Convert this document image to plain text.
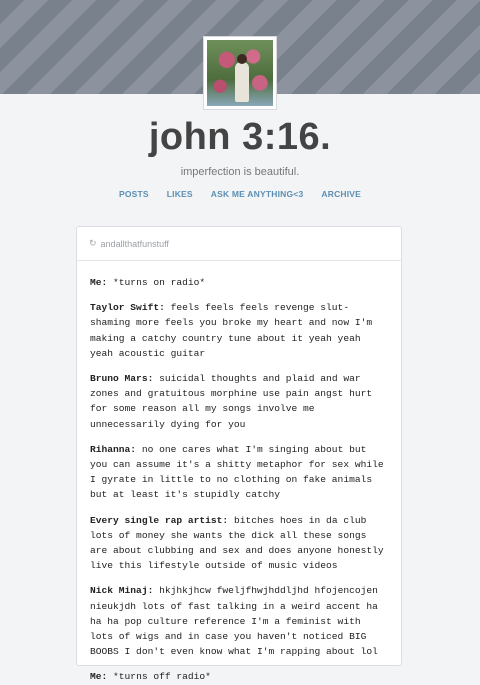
john 3:16.
imperfection is beautiful.
POSTS LIKES ASK ME ANYTHING<3 ARCHIVE
↻ andallthatfunstuff

Me: *turns on radio*

Taylor Swift: feels feels feels revenge slut-shaming more feels you broke my heart and now I'm making a catchy country tune about it yeah yeah yeah acoustic guitar

Bruno Mars: suicidal thoughts and plaid and war zones and gratuitous morphine use pain angst hurt for some reason all my songs involve me unnecessarily dying for you

Rihanna: no one cares what I'm singing about but you can assume it's a shitty metaphor for sex while I gyrate in little to no clothing on fake animals but at least it's stupidly catchy

Every single rap artist: bitches hoes in da club lots of money she wants the dick all these songs are about clubbing and sex and does anyone honestly live this lifestyle outside of music videos

Nick Minaj: hkjhkjhcw fweljfhwjhddljhd hfojencojen nieukjdh lots of fast talking in a weird accent ha ha ha pop culture reference I'm a feminist with lots of wigs and in case you haven't noticed BIG BOOBS I don't even know what I'm rapping about lol

Me: *turns off radio*
